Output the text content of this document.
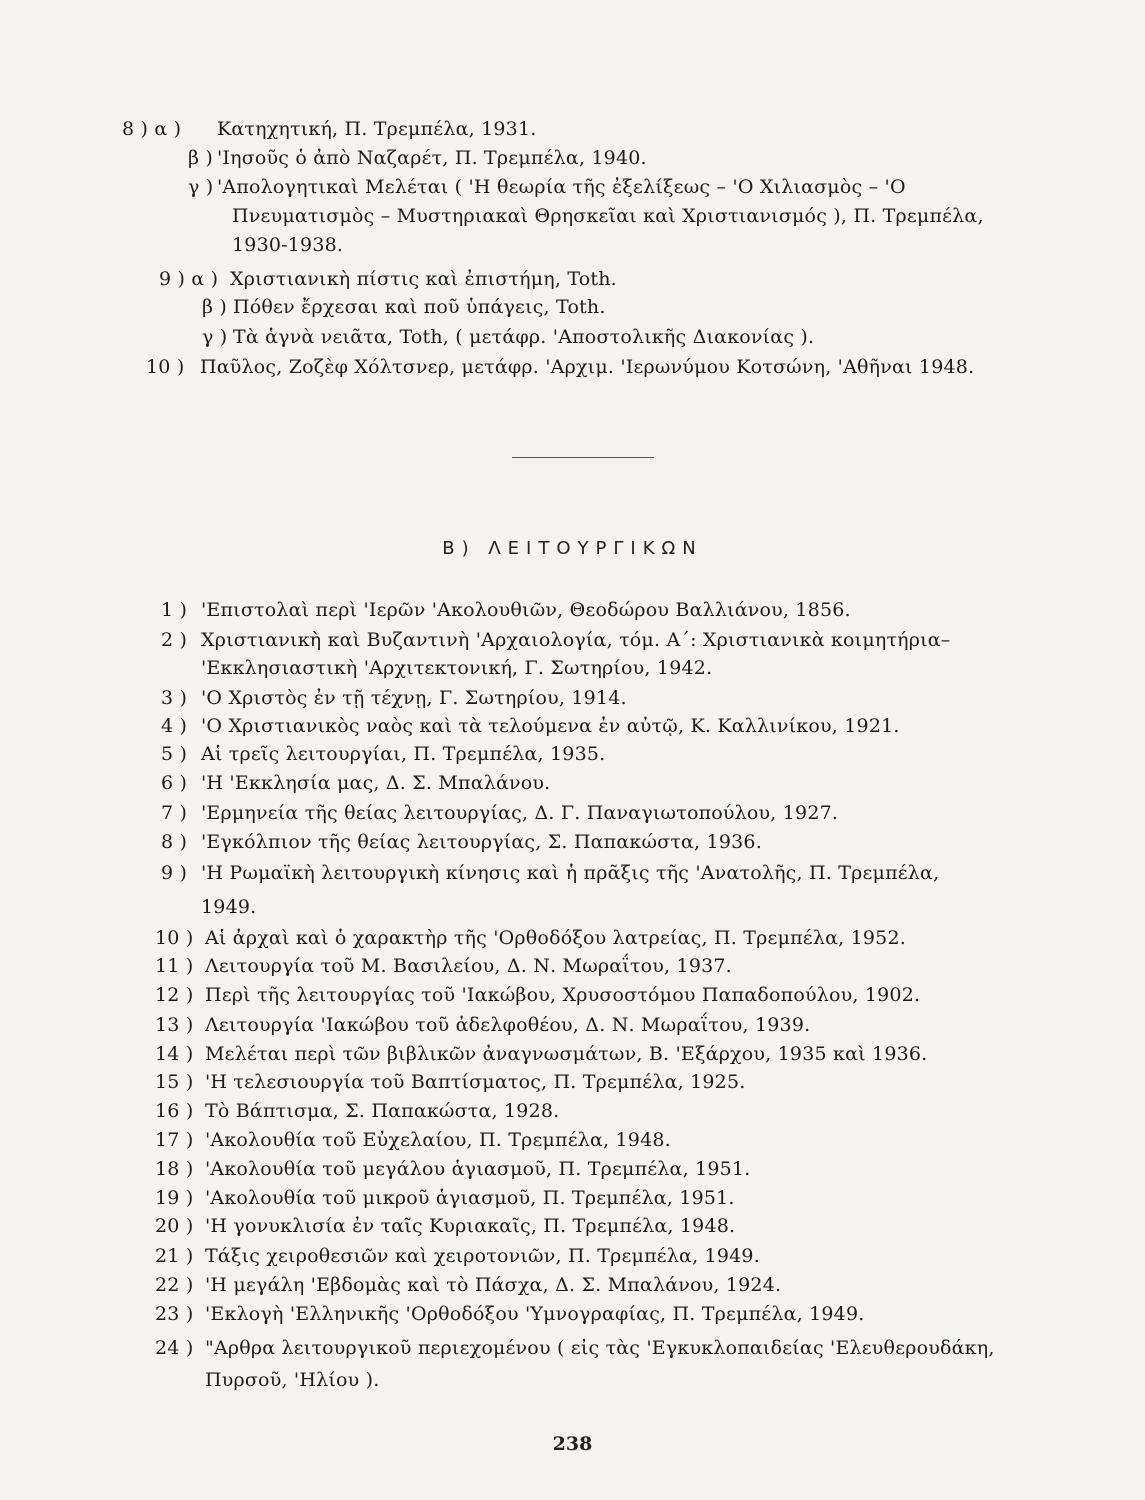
8 ) α ) Κατηχητική, Π. Τρεμπέλα, 1931.
β ) 'Ιησοῦς ὁ ἀπὸ Ναζαρέτ, Π. Τρεμπέλα, 1940.
γ ) 'Απολογητικαὶ Μελέται ( 'Η θεωρία τῆς ἐξελίξεως – 'Ο Χιλιασμὸς – 'Ο
Πνευματισμὸς – Μυστηριακαὶ Θρησκεῖαι καὶ Χριστιανισμός ), Π. Τρεμπέλα,
1930-1938.
9 ) α ) Χριστιανικὴ πίστις καὶ ἐπιστήμη, Toth.
β ) Πόθεν ἔρχεσαι καὶ ποῦ ὑπάγεις, Toth.
γ ) Τὰ ἁγνὰ νειᾶτα, Toth, ( μετάφρ. 'Αποστολικῆς Διακονίας ).
10 ) Παῦλος, Ζοζὲφ Χόλτσνερ, μετάφρ. 'Αρχιμ. 'Ιερωνύμου Κοτσώνη, 'Αθῆναι 1948.
Β) ΛΕΙΤΟΥΡΓΙΚΩΝ
1 ) 'Επιστολαὶ περὶ 'Ιερῶν 'Ακολουθιῶν, Θεοδώρου Βαλλιάνου, 1856.
2 ) Χριστιανικὴ καὶ Βυζαντινὴ 'Αρχαιολογία, τόμ. Α΄: Χριστιανικὰ κοιμητήρια–
'Εκκλησιαστικὴ 'Αρχιτεκτονική, Γ. Σωτηρίου, 1942.
3 ) 'Ο Χριστὸς ἐν τῇ τέχνῃ, Γ. Σωτηρίου, 1914.
4 ) 'Ο Χριστιανικὸς ναὸς καὶ τὰ τελούμενα ἐν αὐτῷ, Κ. Καλλινίκου, 1921.
5 ) Αἱ τρεῖς λειτουργίαι, Π. Τρεμπέλα, 1935.
6 ) 'Η 'Εκκλησία μας, Δ. Σ. Μπαλάνου.
7 ) 'Ερμηνεία τῆς θείας λειτουργίας, Δ. Γ. Παναγιωτοπούλου, 1927.
8 ) 'Εγκόλπιον τῆς θείας λειτουργίας, Σ. Παπακώστα, 1936.
9 ) 'Η Ρωμαϊκὴ λειτουργικὴ κίνησις καὶ ἡ πρᾶξις τῆς 'Ανατολῆς, Π. Τρεμπέλα,
1949.
10 ) Αἱ ἀρχαὶ καὶ ὁ χαρακτὴρ τῆς 'Ορθοδόξου λατρείας, Π. Τρεμπέλα, 1952.
11 ) Λειτουργία τοῦ Μ. Βασιλείου, Δ. Ν. Μωραΐτου, 1937.
12 ) Περὶ τῆς λειτουργίας τοῦ 'Ιακώβου, Χρυσοστόμου Παπαδοπούλου, 1902.
13 ) Λειτουργία 'Ιακώβου τοῦ ἀδελφοθέου, Δ. Ν. Μωραΐτου, 1939.
14 ) Μελέται περὶ τῶν βιβλικῶν ἀναγνωσμάτων, Β. 'Εξάρχου, 1935 καὶ 1936.
15 ) 'Η τελεσιουργία τοῦ Βαπτίσματος, Π. Τρεμπέλα, 1925.
16 ) Τὸ Βάπτισμα, Σ. Παπακώστα, 1928.
17 ) 'Ακολουθία τοῦ Εὐχελαίου, Π. Τρεμπέλα, 1948.
18 ) 'Ακολουθία τοῦ μεγάλου ἁγιασμοῦ, Π. Τρεμπέλα, 1951.
19 ) 'Ακολουθία τοῦ μικροῦ ἁγιασμοῦ, Π. Τρεμπέλα, 1951.
20 ) 'Η γονυκλισία ἐν ταῖς Κυριακαῖς, Π. Τρεμπέλα, 1948.
21 ) Τάξις χειροθεσιῶν καὶ χειροτονιῶν, Π. Τρεμπέλα, 1949.
22 ) 'Η μεγάλη 'Εβδομὰς καὶ τὸ Πάσχα, Δ. Σ. Μπαλάνου, 1924.
23 ) 'Εκλογὴ 'Ελληνικῆς 'Ορθοδόξου 'Υμνογραφίας, Π. Τρεμπέλα, 1949.
24 ) "Αρθρα λειτουργικοῦ περιεχομένου ( εἰς τὰς 'Εγκυκλοπαιδείας 'Ελευθερουδάκη,
Πυρσοῦ, 'Ηλίου ).
238
